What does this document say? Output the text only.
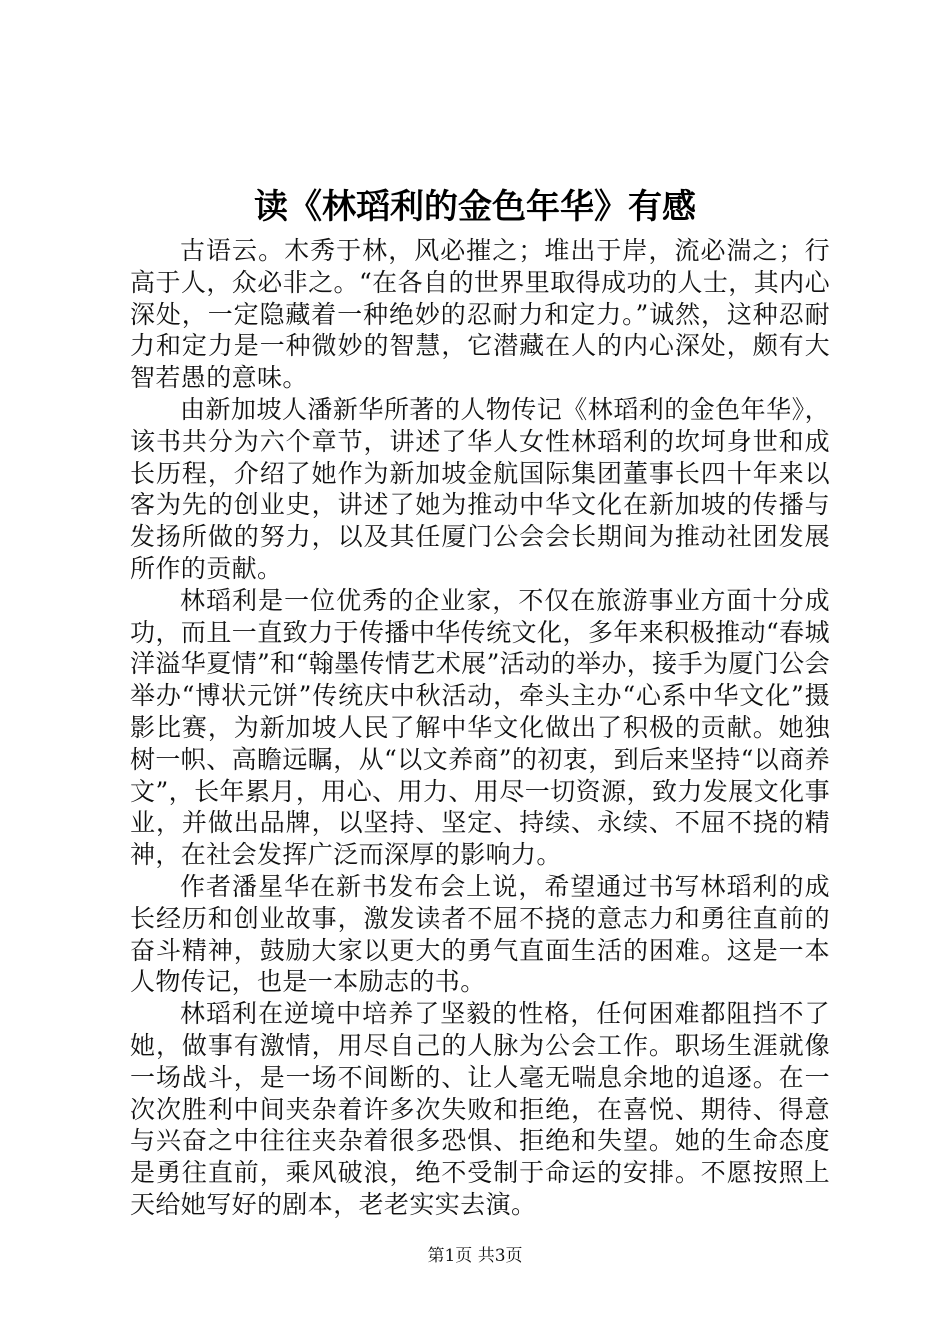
读《林瑫利的金色年华》有感

古语云。木秀于林，风必摧之；堆出于岸，流必湍之；行高于人，众必非之。“在各自的世界里取得成功的人士，其内心深处，一定隐藏着一种绝妙的忍耐力和定力。”诚然，这种忍耐力和定力是一种微妙的智慧，它潜藏在人的内心深处，颇有大智若愚的意味。

由新加坡人潘新华所著的人物传记《林瑫利的金色年华》，该书共分为六个章节，讲述了华人女性林瑫利的坎坷身世和成长历程，介绍了她作为新加坡金航国际集团董事长四十年来以客为先的创业史，讲述了她为推动中华文化在新加坡的传播与发扬所做的努力，以及其任厦门公会会长期间为推动社团发展所作的贡献。

林瑫利是一位优秀的企业家，不仅在旅游事业方面十分成功，而且一直致力于传播中华传统文化，多年来积极推动“春城洋溢华夏情”和“翰墨传情艺术展”活动的举办，接手为厦门公会举办“博状元饼”传统庆中秋活动，牵头主办“心系中华文化”摄影比赛，为新加坡人民了解中华文化做出了积极的贡献。她独树一帜、高瞻远瞩，从“以文养商”的初衷，到后来坚持“以商养文”，长年累月，用心、用力、用尽一切资源，致力发展文化事业，并做出品牌，以坚持、坚定、持续、永续、不屈不挠的精神，在社会发挥广泛而深厚的影响力。

作者潘星华在新书发布会上说，希望通过书写林瑫利的成长经历和创业故事，激发读者不屈不挠的意志力和勇往直前的奋斗精神，鼓励大家以更大的勇气直面生活的困难。这是一本人物传记，也是一本励志的书。

林瑫利在逆境中培养了坚毅的性格，任何困难都阻挡不了她，做事有激情，用尽自己的人脉为公会工作。职场生涯就像一场战斗，是一场不间断的、让人毫无喘息余地的追逐。在一次次胜利中间夹杂着许多次失败和拒绝，在喜悦、期待、得意与兴奋之中往往夹杂着很多恐惧、拒绝和失望。她的生命态度是勇往直前，乘风破浪，绝不受制于命运的安排。不愿按照上天给她写好的剧本，老老实实去演。

第1页 共3页
